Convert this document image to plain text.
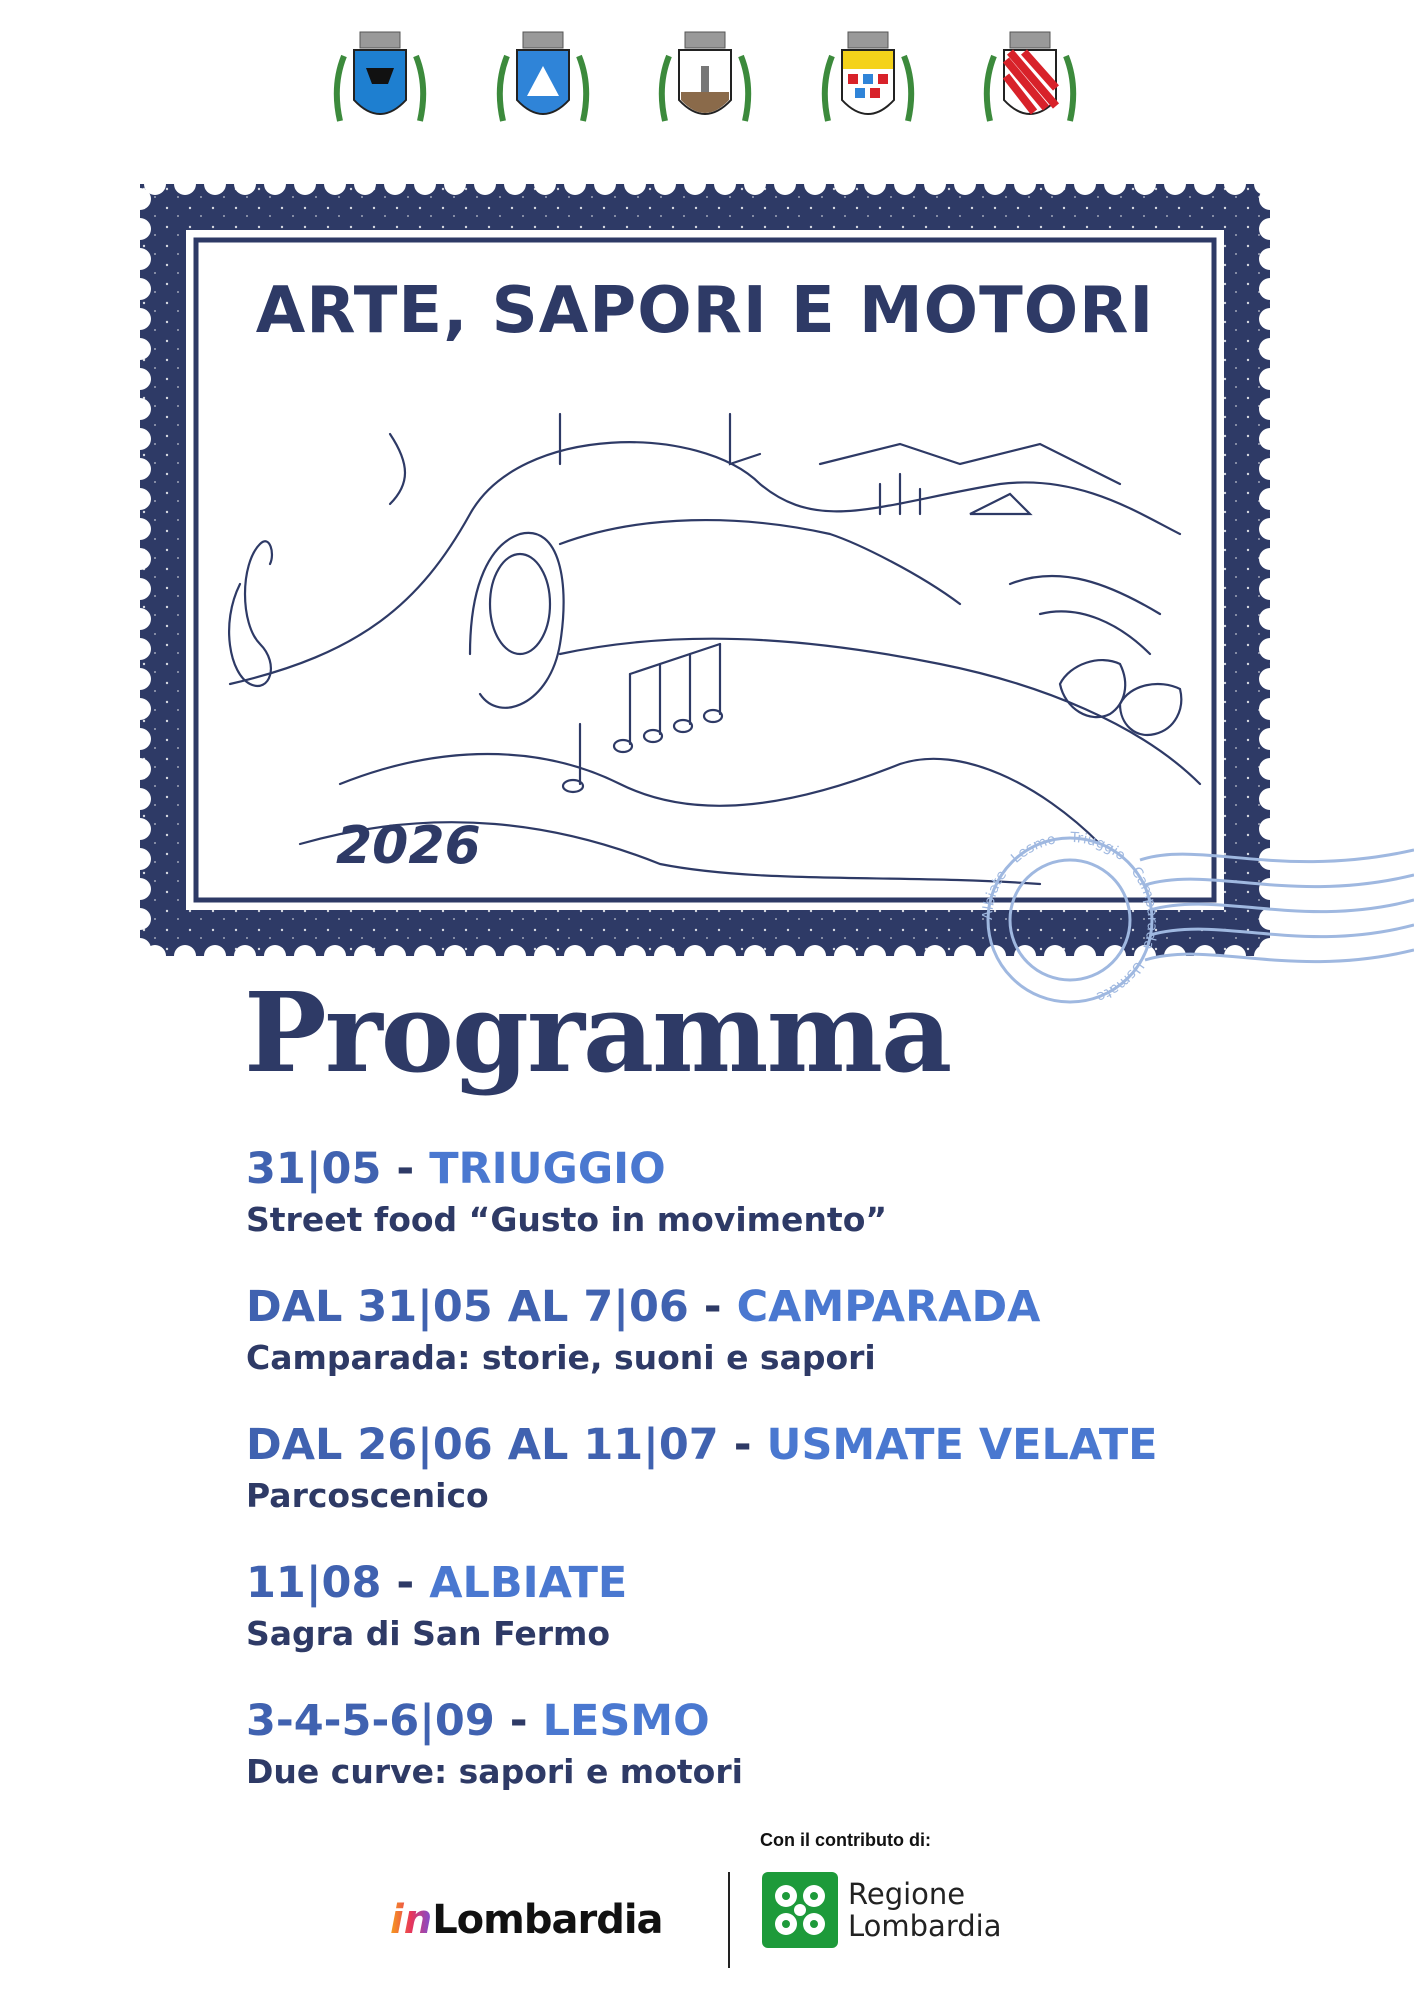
ARTE, SAPORI E MOTORI
2026
Albiate - Lesmo - Triuggio - Camparada - Usmate
Programma
31|05 - TRIUGGIO
Street food “Gusto in movimento”
DAL 31|05 AL 7|06 - CAMPARADA
Camparada: storie, suoni e sapori
DAL 26|06 AL 11|07 - USMATE VELATE
Parcoscenico
11|08 - ALBIATE
Sagra di San Fermo
3-4-5-6|09 - LESMO
Due curve: sapori e motori
Con il contributo di:
in Lombardia
Regione
Lombardia
